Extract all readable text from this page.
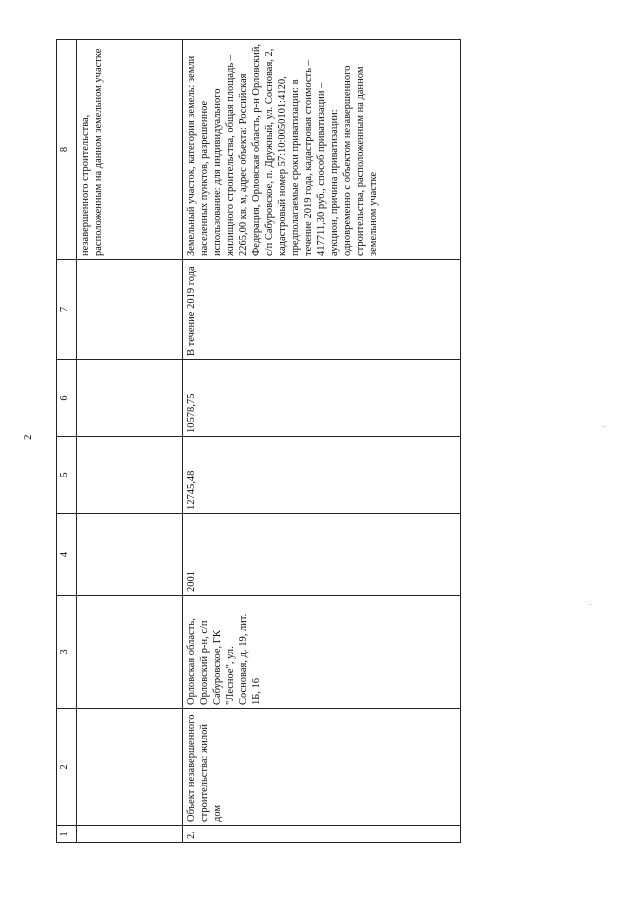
2
1	2	3	4	5	6	7	8
							незавершенного строительства, расположенным на данном земельном участке
2.	Объект незавершенного строительства: жилой дом	Орловская область, Орловский р-н, с/п Сабуровское, ГК "Лесное", ул. Сосновая, д. 19, лит. 1Б, 16	2001	12745,48	10578,75	В течение 2019 года	Земельный участок, категория земель: земли населенных пунктов, разрешенное использование: для индивидуального жилищного строительства, общая площадь – 2265,00 кв. м, адрес объекта: Российская Федерация, Орловская область, р-н Орловский, с/п Сабуровское, п. Дружный, ул. Сосновая, 2, кадастровый номер 57:10:0050101:4120, предполагаемые сроки приватизации: в течение 2019 года, кадастровая стоимость – 417711,30 руб., способ приватизации – аукцион, причина приватизации: одновременно с объектом незавершенного строительства, расположенным на данном земельном участке
